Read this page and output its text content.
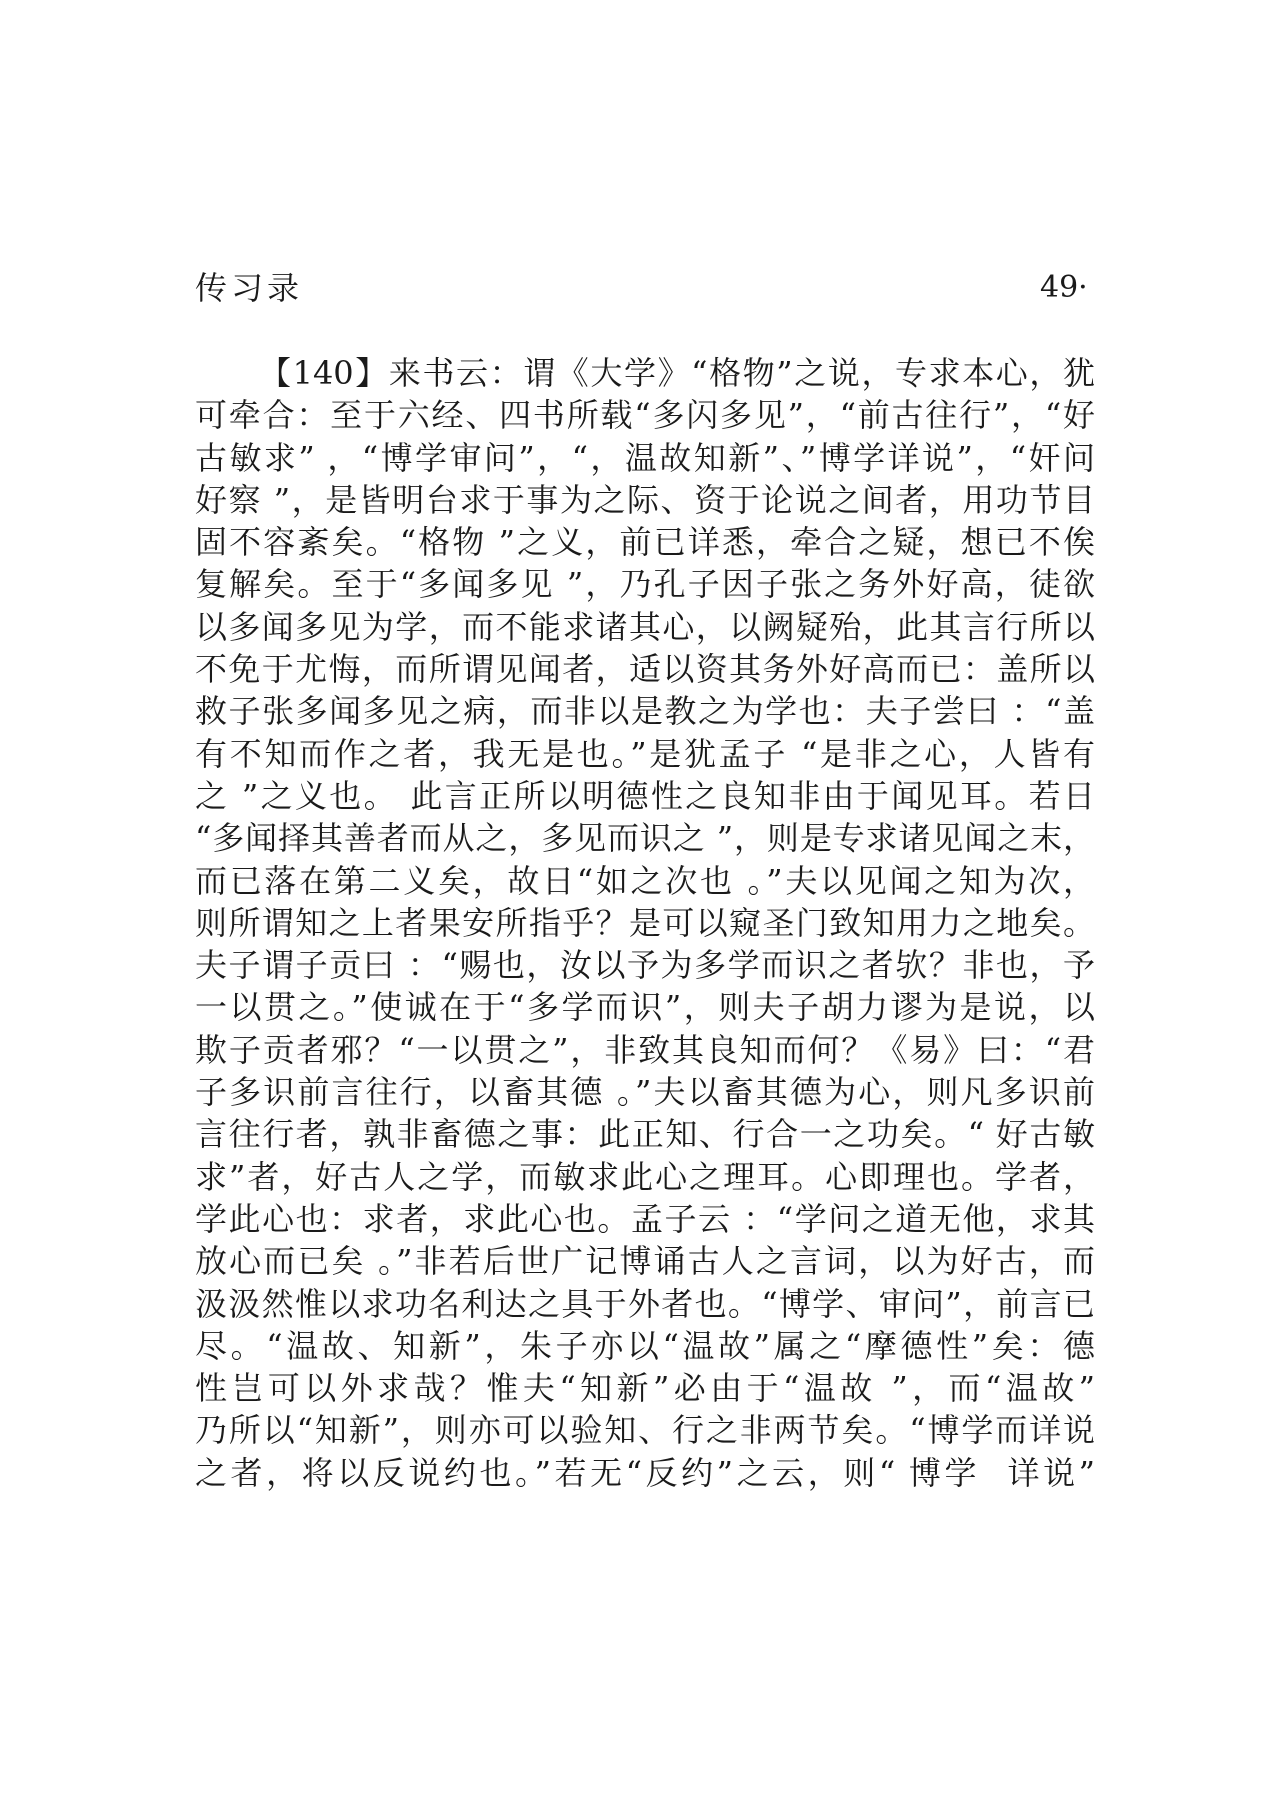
传习录	49·
【140】来书云：谓《大学》“格物”之说，专求本心，犹
可牵合：至于六经、四书所载“多闪多见”，“前古往行”，“好
古敏求” ，“博学审问”，“，温故知新”、”博学详说”，“奸问
好察 ”，是皆明台求于事为之际、资于论说之间者，用功节目
固不容紊矣。“格物 ”之义，前已详悉，牵合之疑，想已不俟
复解矣。至于“多闻多见 ”，乃孔子因子张之务外好高，徒欲
以多闻多见为学，而不能求诸其心，以阙疑殆，此其言行所以
不免于尤悔，而所谓见闻者，适以资其务外好高而已：盖所以
救子张多闻多见之病，而非以是教之为学也：夫子尝曰 ：“盖
有不知而作之者，我无是也。”是犹孟子 “是非之心，人皆有
之 ”之义也。 此言正所以明德性之良知非由于闻见耳。若日
“多闻择其善者而从之，多见而识之 ”，则是专求诸见闻之末，
而已落在第二义矣，故日“如之次也 。”夫以见闻之知为次，
则所谓知之上者果安所指乎？是可以窥圣门致知用力之地矣。
夫子谓子贡曰 ：“赐也，汝以予为多学而识之者欤？非也，予
一以贯之。”使诚在于“多学而识”，则夫子胡力谬为是说，以
欺子贡者邪？“一以贯之”，非致其良知而何？《易》曰：“君
子多识前言往行，以畜其德 。”夫以畜其德为心，则凡多识前
言往行者，孰非畜德之事：此正知、行合一之功矣。“ 好古敏
求”者，好古人之学，而敏求此心之理耳。心即理也。学者，
学此心也：求者，求此心也。孟子云 ：“学问之道无他，求其
放心而已矣 。”非若后世广记博诵古人之言词，以为好古，而
汲汲然惟以求功名利达之具于外者也。“博学、审问”，前言已
尽。“温故、知新”，朱子亦以“温故”属之“摩德性”矣：德
性岂可以外求哉？惟夫“知新”必由于“温故 ”，而“温故”
乃所以“知新”，则亦可以验知、行之非两节矣。“博学而详说
之者，将以反说约也。”若无“反约”之云，则“ 博学  详说”
